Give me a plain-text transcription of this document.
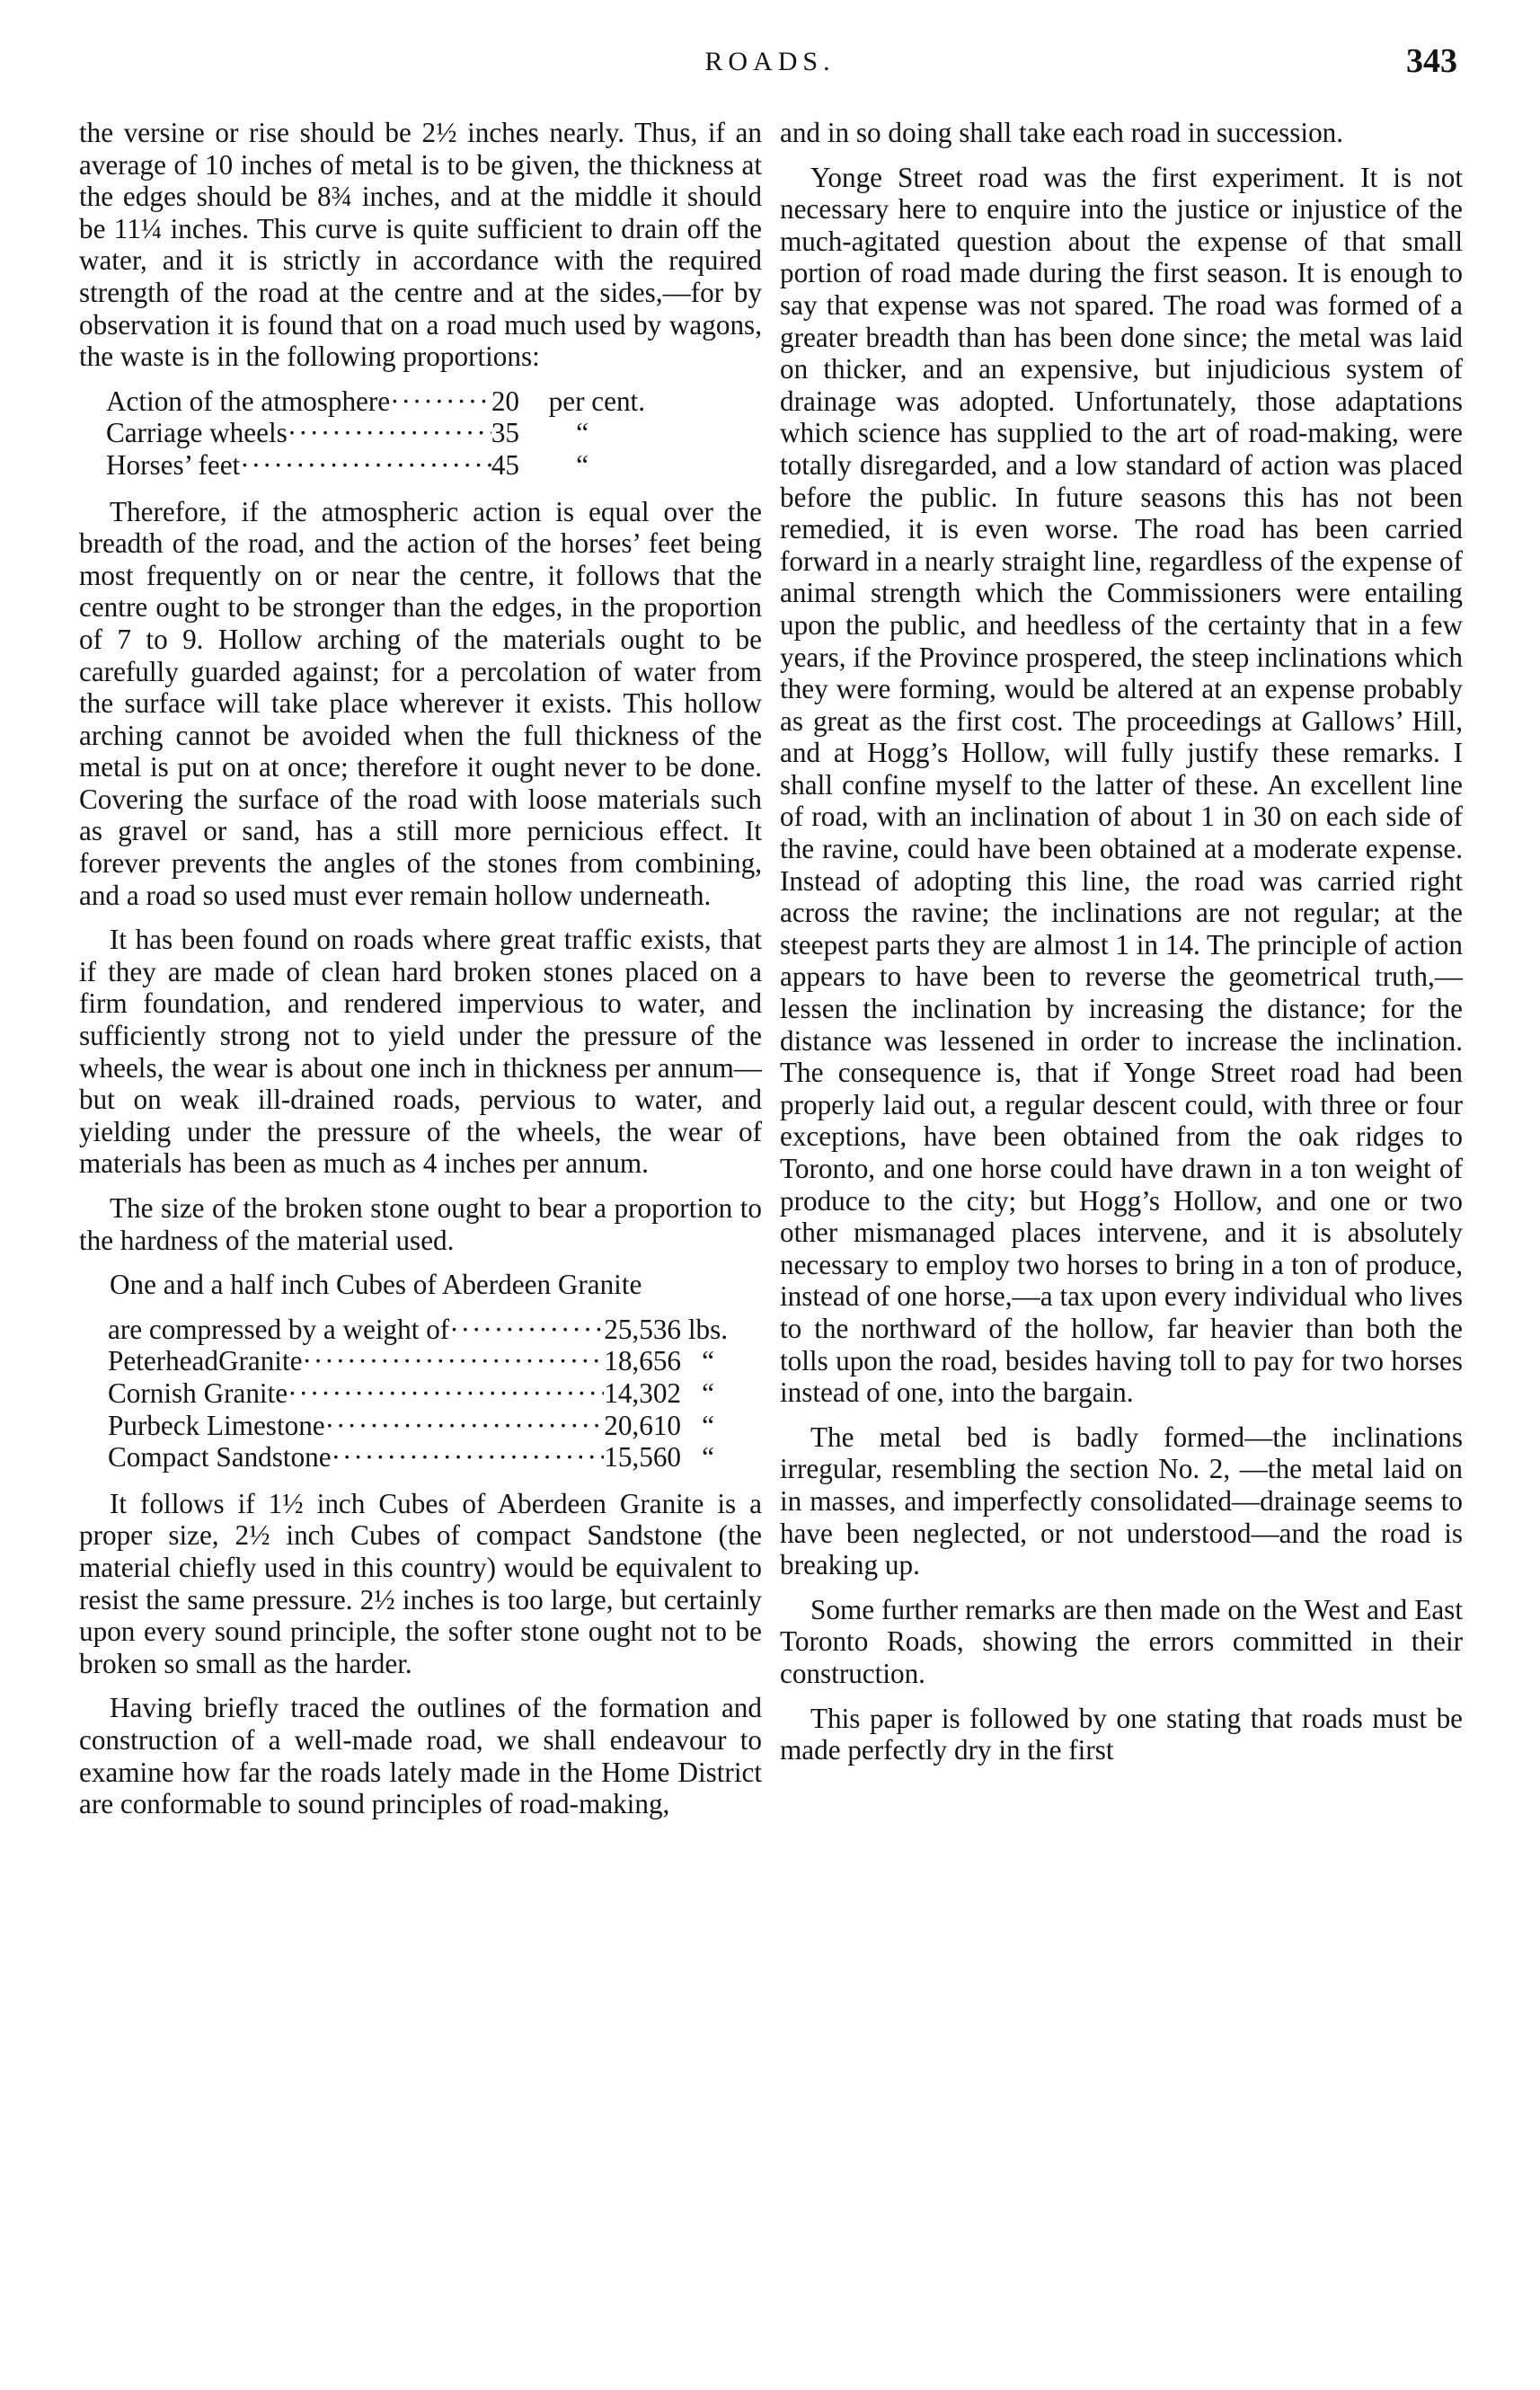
ROADS.	343

the versine or rise should be 2½ inches nearly. Thus, if an average of 10 inches of metal is to be given, the thickness at the edges should be 8¾ inches, and at the middle it should be 11¼ inches. This curve is quite sufficient to drain off the water, and it is strictly in accordance with the required strength of the road at the centre and at the sides,—for by observation it is found that on a road much used by wagons, the waste is in the following proportions:

Action of the atmosphere ·····	20	per cent.
Carriage wheels ·····	35	“
Horses’ feet ·····	45	“

Therefore, if the atmospheric action is equal over the breadth of the road, and the action of the horses’ feet being most frequently on or near the centre, it follows that the centre ought to be stronger than the edges, in the proportion of 7 to 9. Hollow arching of the materials ought to be carefully guarded against; for a percolation of water from the surface will take place wherever it exists. This hollow arching cannot be avoided when the full thickness of the metal is put on at once; therefore it ought never to be done. Covering the surface of the road with loose materials such as gravel or sand, has a still more pernicious effect. It forever prevents the angles of the stones from combining, and a road so used must ever remain hollow underneath.

It has been found on roads where great traffic exists, that if they are made of clean hard broken stones placed on a firm foundation, and rendered impervious to water, and sufficiently strong not to yield under the pressure of the wheels, the wear is about one inch in thickness per annum—but on weak ill-drained roads, pervious to water, and yielding under the pressure of the wheels, the wear of materials has been as much as 4 inches per annum.

The size of the broken stone ought to bear a proportion to the hardness of the material used.

One and a half inch Cubes of Aberdeen Granite

are compressed by a weight of ·····	25,536 lbs.
PeterheadGranite ·····	18,656 “
Cornish Granite ·····	14,302 “
Purbeck Limestone ·····	20,610 “
Compact Sandstone ·····	15,560 “

It follows if 1½ inch Cubes of Aberdeen Granite is a proper size, 2½ inch Cubes of compact Sandstone (the material chiefly used in this country) would be equivalent to resist the same pressure. 2½ inches is too large, but certainly upon every sound principle, the softer stone ought not to be broken so small as the harder.

Having briefly traced the outlines of the formation and construction of a well-made road, we shall endeavour to examine how far the roads lately made in the Home District are conformable to sound principles of road-making,

and in so doing shall take each road in succession.

Yonge Street road was the first experiment. It is not necessary here to enquire into the justice or injustice of the much-agitated question about the expense of that small portion of road made during the first season. It is enough to say that expense was not spared. The road was formed of a greater breadth than has been done since; the metal was laid on thicker, and an expensive, but injudicious system of drainage was adopted. Unfortunately, those adaptations which science has supplied to the art of road-making, were totally disregarded, and a low standard of action was placed before the public. In future seasons this has not been remedied, it is even worse. The road has been carried forward in a nearly straight line, regardless of the expense of animal strength which the Commissioners were entailing upon the public, and heedless of the certainty that in a few years, if the Province prospered, the steep inclinations which they were forming, would be altered at an expense probably as great as the first cost. The proceedings at Gallows’ Hill, and at Hogg’s Hollow, will fully justify these remarks. I shall confine myself to the latter of these. An excellent line of road, with an inclination of about 1 in 30 on each side of the ravine, could have been obtained at a moderate expense. Instead of adopting this line, the road was carried right across the ravine; the inclinations are not regular; at the steepest parts they are almost 1 in 14. The principle of action appears to have been to reverse the geometrical truth,—lessen the inclination by increasing the distance; for the distance was lessened in order to increase the inclination. The consequence is, that if Yonge Street road had been properly laid out, a regular descent could, with three or four exceptions, have been obtained from the oak ridges to Toronto, and one horse could have drawn in a ton weight of produce to the city; but Hogg’s Hollow, and one or two other mismanaged places intervene, and it is absolutely necessary to employ two horses to bring in a ton of produce, instead of one horse,—a tax upon every individual who lives to the northward of the hollow, far heavier than both the tolls upon the road, besides having toll to pay for two horses instead of one, into the bargain.

The metal bed is badly formed—the inclinations irregular, resembling the section No. 2, —the metal laid on in masses, and imperfectly consolidated—drainage seems to have been neglected, or not understood—and the road is breaking up.

Some further remarks are then made on the West and East Toronto Roads, showing the errors committed in their construction.

This paper is followed by one stating that roads must be made perfectly dry in the first
